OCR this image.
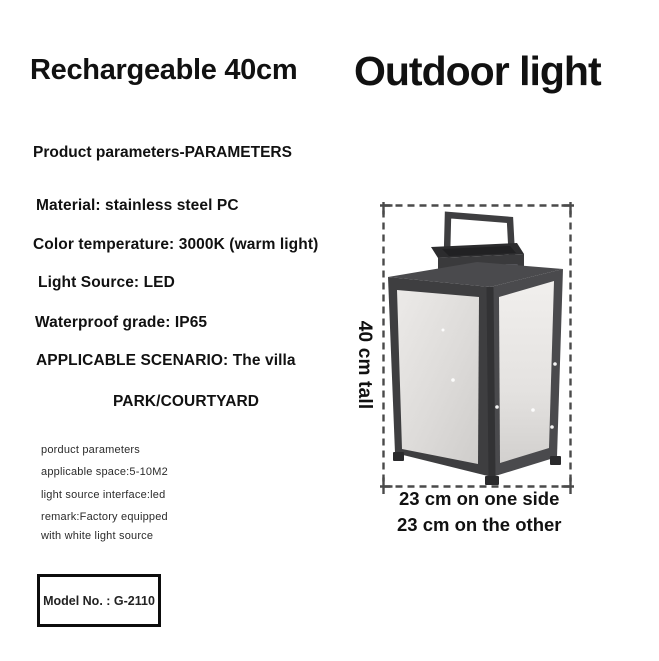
Rechargeable 40cm Outdoor light
Product parameters-PARAMETERS
Material: stainless steel PC
Color temperature: 3000K (warm light)
Light Source: LED
Waterproof grade: IP65
APPLICABLE SCENARIO: The villa
PARK/COURTYARD
porduct parameters
applicable space:5-10M2
light source interface:led
remark:Factory equipped
with white light source
Model No. : G-2110
40 cm tall
23 cm on one side
23 cm on the other
